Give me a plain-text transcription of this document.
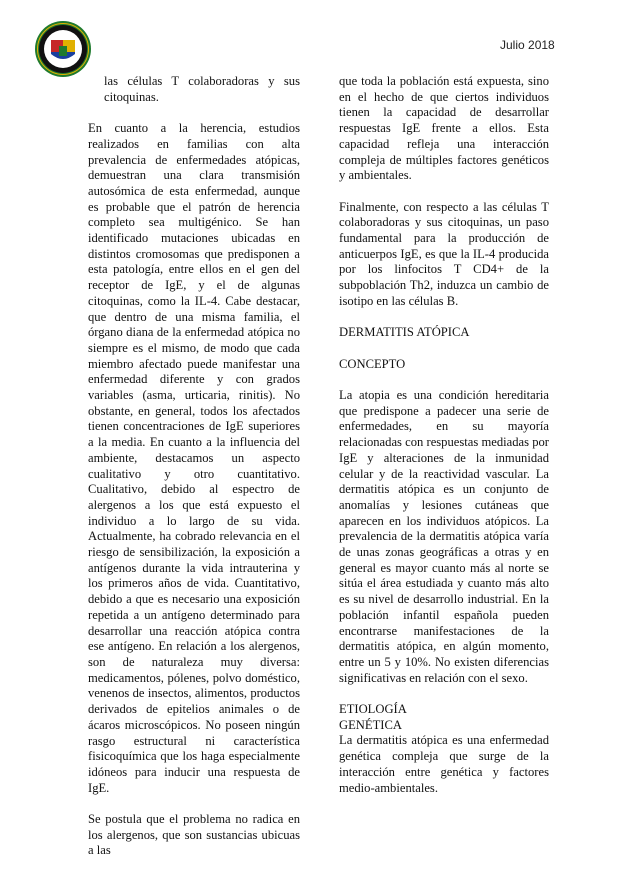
Julio 2018

las células T colaboradoras y sus citoquinas.

En cuanto a la herencia, estudios realizados en familias con alta prevalencia de enfermedades atópicas, demuestran una clara transmisión autosómica de esta enfermedad, aunque es probable que el patrón de herencia completo sea multigénico. Se han identificado mutaciones ubicadas en distintos cromosomas que predisponen a esta patología, entre ellos en el gen del receptor de IgE, y el de algunas citoquinas, como la IL-4. Cabe destacar, que dentro de una misma familia, el órgano diana de la enfermedad atópica no siempre es el mismo, de modo que cada miembro afectado puede manifestar una enfermedad diferente y con grados variables (asma, urticaria, rinitis). No obstante, en general, todos los afectados tienen concentraciones de IgE superiores a la media. En cuanto a la influencia del ambiente, destacamos un aspecto cualitativo y otro cuantitativo. Cualitativo, debido al espectro de alergenos a los que está expuesto el individuo a lo largo de su vida. Actualmente, ha cobrado relevancia en el riesgo de sensibilización, la exposición a antígenos durante la vida intrauterina y los primeros años de vida. Cuantitativo, debido a que es necesario una exposición repetida a un antígeno determinado para desarrollar una reacción atópica contra ese antígeno. En relación a los alergenos, son de naturaleza muy diversa: medicamentos, pólenes, polvo doméstico, venenos de insectos, alimentos, productos derivados de epitelios animales o de ácaros microscópicos. No poseen ningún rasgo estructural ni característica fisicoquímica que los haga especialmente idóneos para inducir una respuesta de IgE.

Se postula que el problema no radica en los alergenos, que son sustancias ubicuas a las

que toda la población está expuesta, sino en el hecho de que ciertos individuos tienen la capacidad de desarrollar respuestas IgE frente a ellos. Esta capacidad refleja una interacción compleja de múltiples factores genéticos y ambientales.

Finalmente, con respecto a las células T colaboradoras y sus citoquinas, un paso fundamental para la producción de anticuerpos IgE, es que la IL-4 producida por los linfocitos T CD4+ de la subpoblación Th2, induzca un cambio de isotipo en las células B.

DERMATITIS ATÓPICA

CONCEPTO

La atopia es una condición hereditaria que predispone a padecer una serie de enfermedades, en su mayoría relacionadas con respuestas mediadas por IgE y alteraciones de la inmunidad celular y de la reactividad vascular. La dermatitis atópica es un conjunto de anomalías y lesiones cutáneas que aparecen en los individuos atópicos. La prevalencia de la dermatitis atópica varía de unas zonas geográficas a otras y en general es mayor cuanto más al norte se sitúa el área estudiada y cuanto más alto es su nivel de desarrollo industrial. En la población infantil española pueden encontrarse manifestaciones de la dermatitis atópica, en algún momento, entre un 5 y 10%. No existen diferencias significativas en relación con el sexo.

ETIOLOGÍA

GENÉTICA

La dermatitis atópica es una enfermedad genética compleja que surge de la interacción entre genética y factores medio-ambientales.
